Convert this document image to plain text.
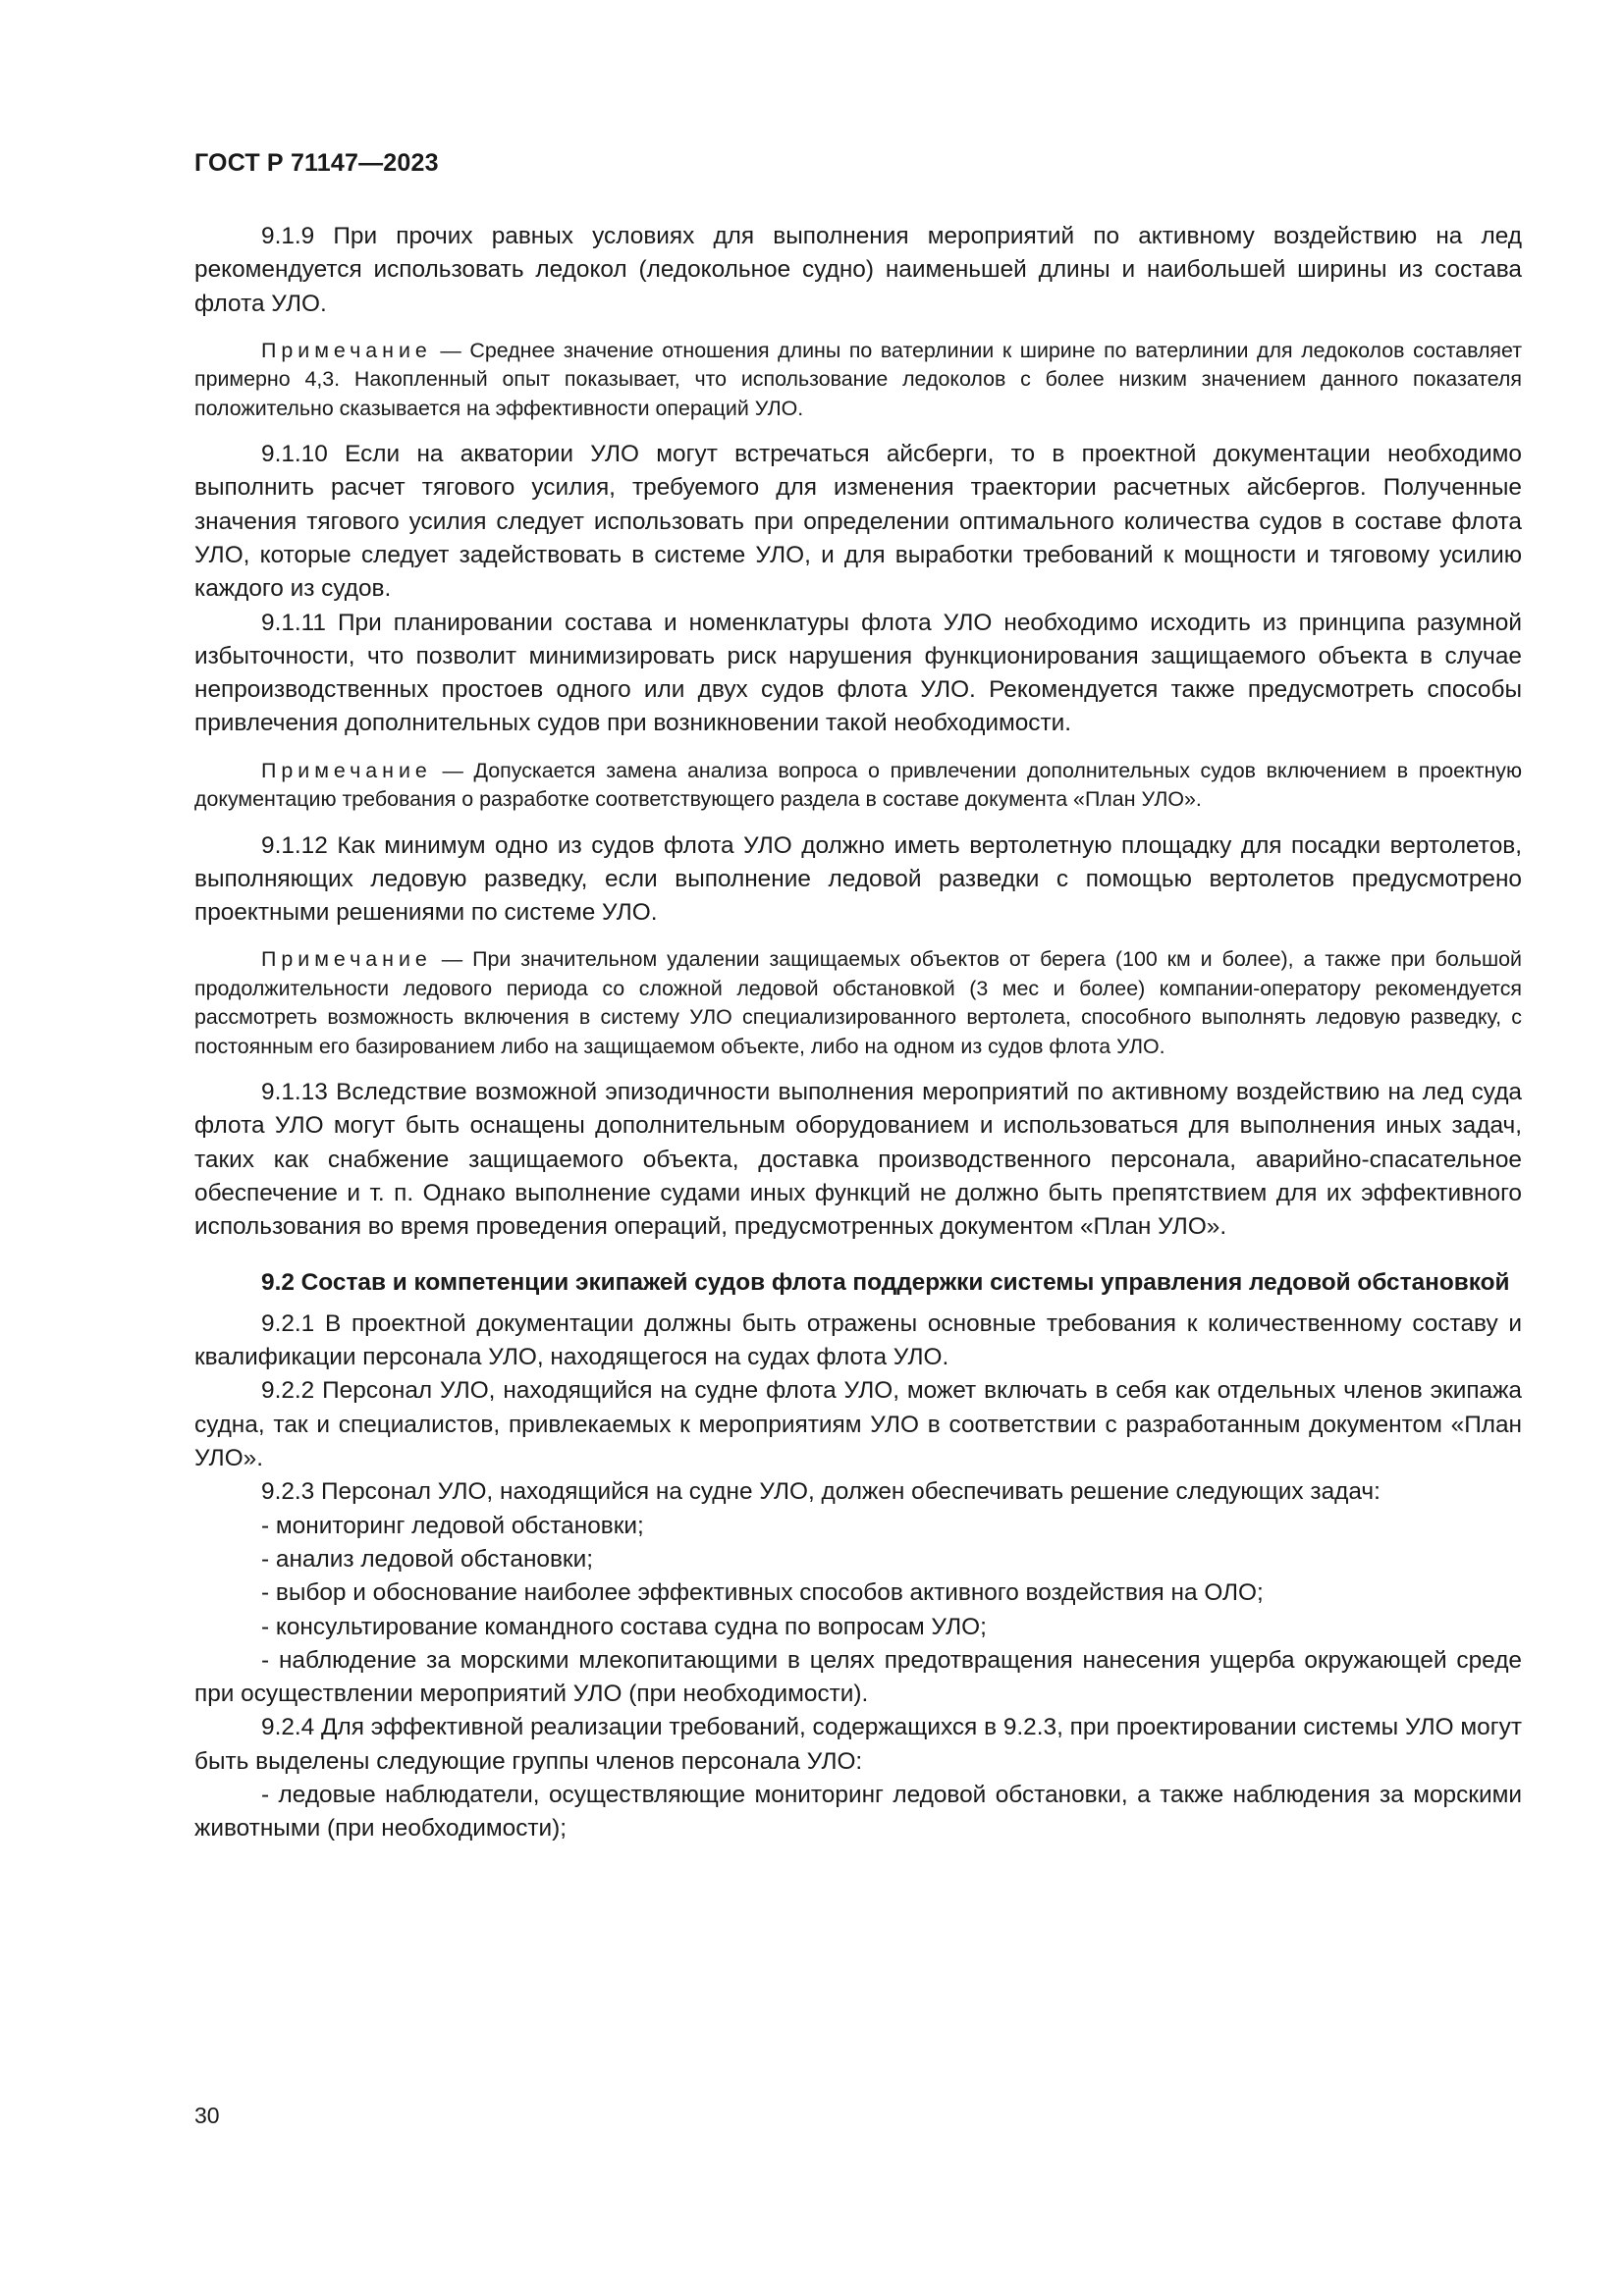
ГОСТ Р 71147—2023

9.1.9 При прочих равных условиях для выполнения мероприятий по активному воздействию на лед рекомендуется использовать ледокол (ледокольное судно) наименьшей длины и наибольшей ширины из состава флота УЛО.

Примечание — Среднее значение отношения длины по ватерлинии к ширине по ватерлинии для ледоколов составляет примерно 4,3. Накопленный опыт показывает, что использование ледоколов с более низким значением данного показателя положительно сказывается на эффективности операций УЛО.

9.1.10 Если на акватории УЛО могут встречаться айсберги, то в проектной документации необходимо выполнить расчет тягового усилия, требуемого для изменения траектории расчетных айсбергов. Полученные значения тягового усилия следует использовать при определении оптимального количества судов в составе флота УЛО, которые следует задействовать в системе УЛО, и для выработки требований к мощности и тяговому усилию каждого из судов.

9.1.11 При планировании состава и номенклатуры флота УЛО необходимо исходить из принципа разумной избыточности, что позволит минимизировать риск нарушения функционирования защищаемого объекта в случае непроизводственных простоев одного или двух судов флота УЛО. Рекомендуется также предусмотреть способы привлечения дополнительных судов при возникновении такой необходимости.

Примечание — Допускается замена анализа вопроса о привлечении дополнительных судов включением в проектную документацию требования о разработке соответствующего раздела в составе документа «План УЛО».

9.1.12 Как минимум одно из судов флота УЛО должно иметь вертолетную площадку для посадки вертолетов, выполняющих ледовую разведку, если выполнение ледовой разведки с помощью вертолетов предусмотрено проектными решениями по системе УЛО.

Примечание — При значительном удалении защищаемых объектов от берега (100 км и более), а также при большой продолжительности ледового периода со сложной ледовой обстановкой (3 мес и более) компании-оператору рекомендуется рассмотреть возможность включения в систему УЛО специализированного вертолета, способного выполнять ледовую разведку, с постоянным его базированием либо на защищаемом объекте, либо на одном из судов флота УЛО.

9.1.13 Вследствие возможной эпизодичности выполнения мероприятий по активному воздействию на лед суда флота УЛО могут быть оснащены дополнительным оборудованием и использоваться для выполнения иных задач, таких как снабжение защищаемого объекта, доставка производственного персонала, аварийно-спасательное обеспечение и т. п. Однако выполнение судами иных функций не должно быть препятствием для их эффективного использования во время проведения операций, предусмотренных документом «План УЛО».

9.2 Состав и компетенции экипажей судов флота поддержки системы управления ледовой обстановкой

9.2.1 В проектной документации должны быть отражены основные требования к количественному составу и квалификации персонала УЛО, находящегося на судах флота УЛО.

9.2.2 Персонал УЛО, находящийся на судне флота УЛО, может включать в себя как отдельных членов экипажа судна, так и специалистов, привлекаемых к мероприятиям УЛО в соответствии с разработанным документом «План УЛО».

9.2.3 Персонал УЛО, находящийся на судне УЛО, должен обеспечивать решение следующих задач:

- мониторинг ледовой обстановки;

- анализ ледовой обстановки;

- выбор и обоснование наиболее эффективных способов активного воздействия на ОЛО;

- консультирование командного состава судна по вопросам УЛО;

- наблюдение за морскими млекопитающими в целях предотвращения нанесения ущерба окружающей среде при осуществлении мероприятий УЛО (при необходимости).

9.2.4 Для эффективной реализации требований, содержащихся в 9.2.3, при проектировании системы УЛО могут быть выделены следующие группы членов персонала УЛО:

- ледовые наблюдатели, осуществляющие мониторинг ледовой обстановки, а также наблюдения за морскими животными (при необходимости);

30
